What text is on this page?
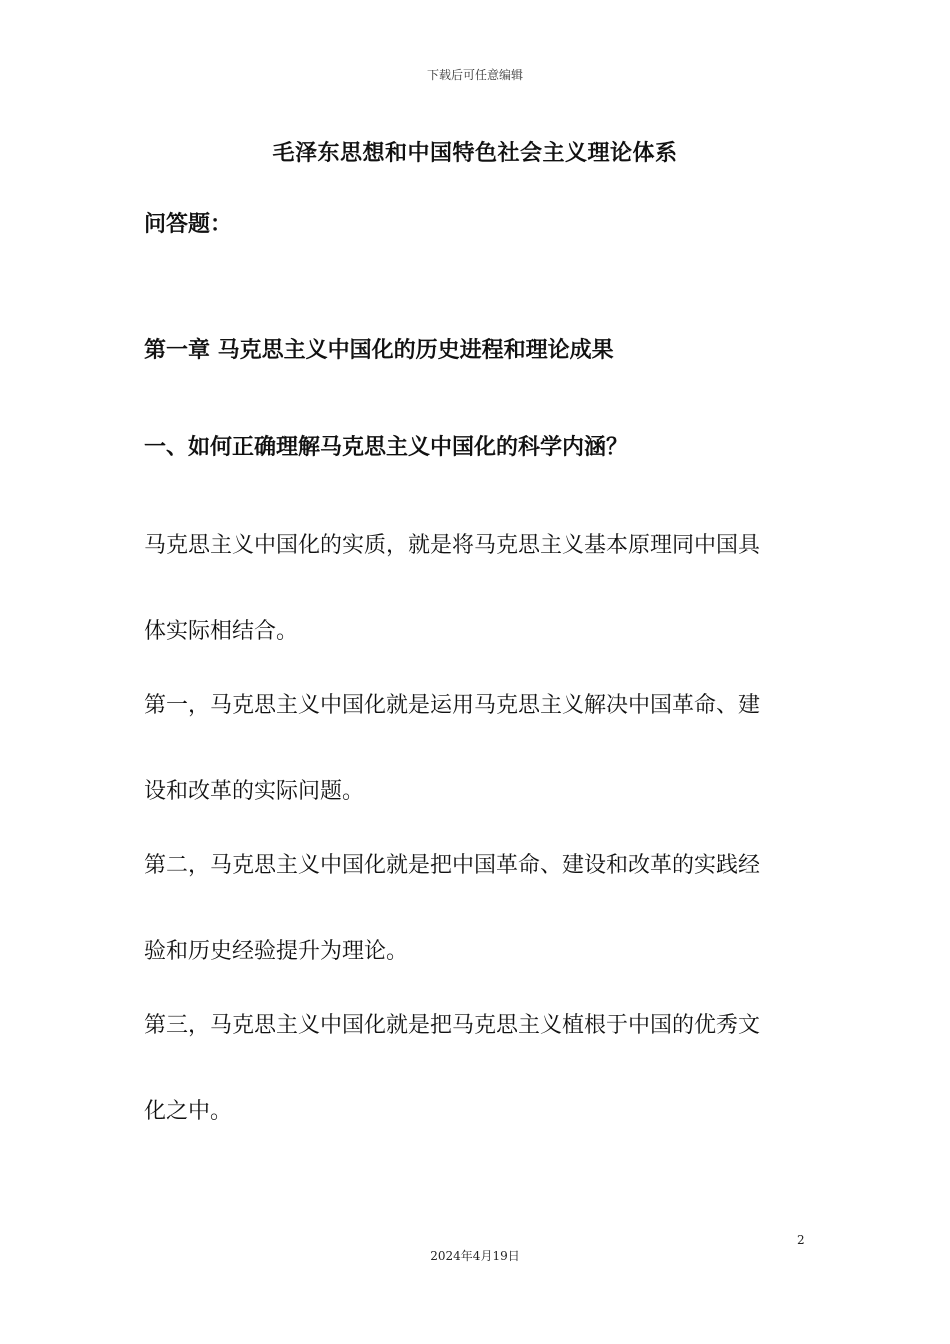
下载后可任意编辑
毛泽东思想和中国特色社会主义理论体系
问答题：
第一章 马克思主义中国化的历史进程和理论成果
一、如何正确理解马克思主义中国化的科学内涵？
马克思主义中国化的实质，就是将马克思主义基本原理同中国具
体实际相结合。
第一，马克思主义中国化就是运用马克思主义解决中国革命、建
设和改革的实际问题。
第二，马克思主义中国化就是把中国革命、建设和改革的实践经
验和历史经验提升为理论。
第三，马克思主义中国化就是把马克思主义植根于中国的优秀文
化之中。
2
2024年4月19日
